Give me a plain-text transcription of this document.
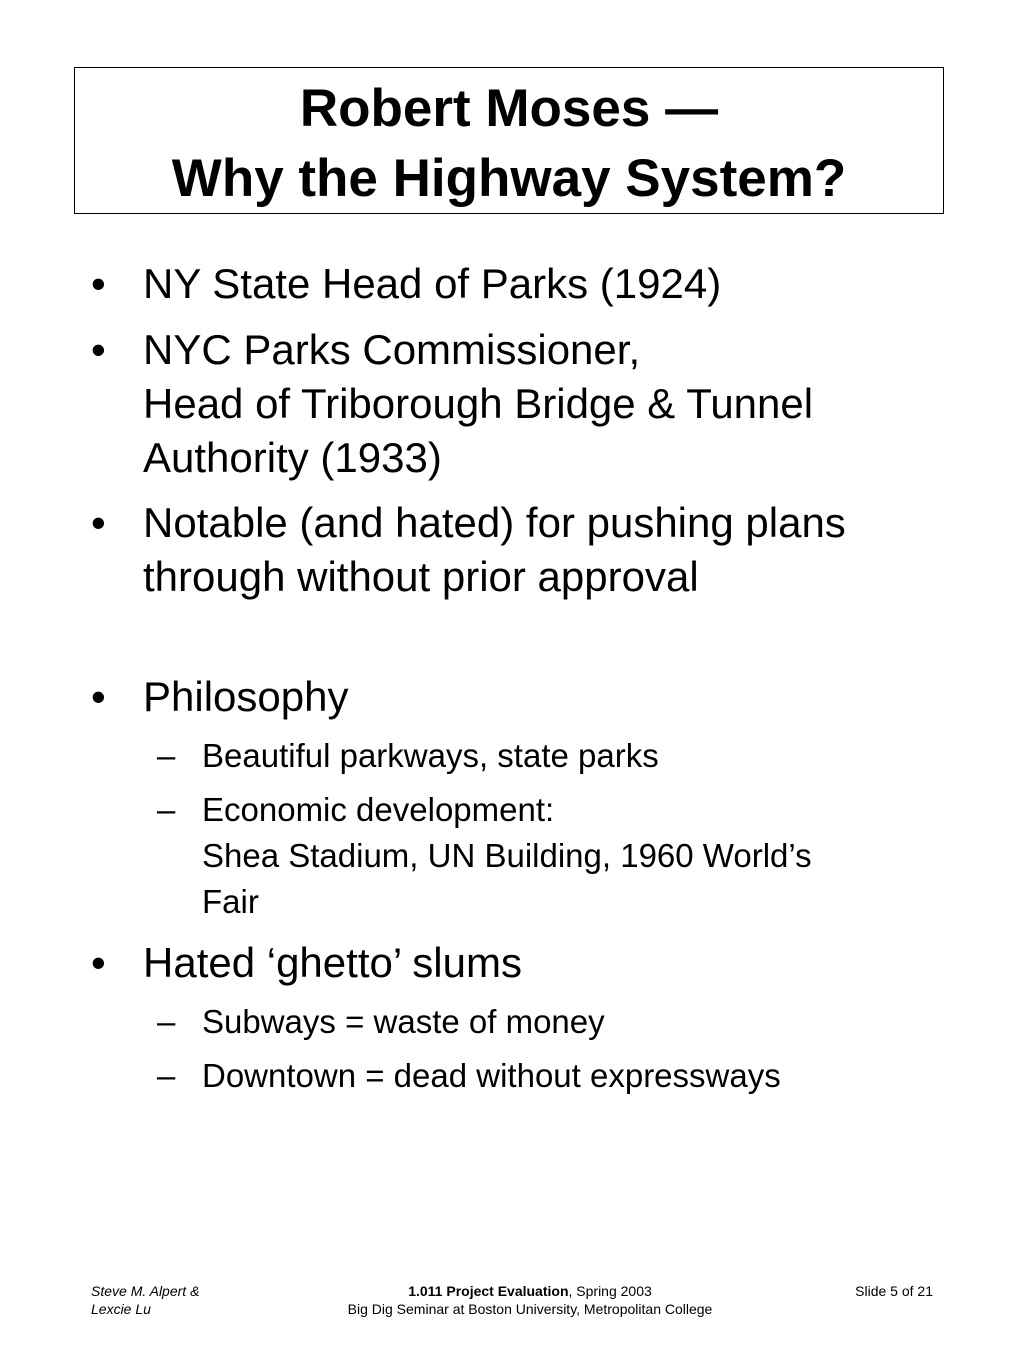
Robert Moses —
Why the Highway System?
• NY State Head of Parks (1924)
• NYC Parks Commissioner,
Head of Triborough Bridge & Tunnel
Authority (1933)
• Notable (and hated) for pushing plans
through without prior approval
• Philosophy
– Beautiful parkways, state parks
– Economic development:
Shea Stadium, UN Building, 1960 World’s
Fair
• Hated ‘ghetto’ slums
– Subways = waste of money
– Downtown = dead without expressways
Steve M. Alpert &
Lexcie Lu
1.011 Project Evaluation, Spring 2003
Big Dig Seminar at Boston University, Metropolitan College
Slide 5 of 21
